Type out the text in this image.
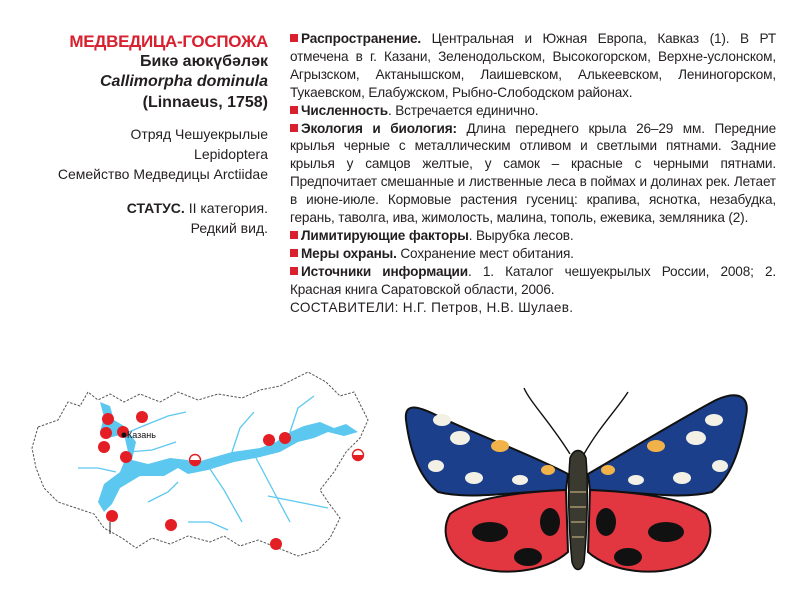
МЕДВЕДИЦА-ГОСПОЖА
Бикә аюкүбәләк
Callimorpha dominula
(Linnaeus, 1758)
Отряд Чешуекрылые
Lepidoptera
Семейство Медведицы Arctiidae
СТАТУС. II категория.
Редкий вид.

Распространение. Центральная и Южная Европа, Кавказ (1). В РТ отмечена в г. Казани, Зеленодольском, Высокогорском, Верхне-услонском, Агрызском, Актанышском, Лаишевском, Алькеевском, Лениногорском, Тукаевском, Елабужском, Рыбно-Слободском районах.

Численность. Встречается единично.

Экология и биология: Длина переднего крыла 26–29 мм. Передние крылья черные с металлическим отливом и светлыми пятнами. Задние крылья у самцов желтые, у самок – красные с черными пятнами. Предпочитает смешанные и лиственные леса в поймах и долинах рек. Летает в июне-июле. Кормовые растения гусениц: крапива, яснотка, незабудка, герань, таволга, ива, жимолость, малина, тополь, ежевика, земляника (2).

Лимитирующие факторы. Вырубка лесов.

Меры охраны. Сохранение мест обитания.

Источники информации. 1. Каталог чешуекрылых России, 2008; 2. Красная книга Саратовской области, 2006.

СОСТАВИТЕЛИ: Н.Г. Петров, Н.В. Шулаев.

Казань
